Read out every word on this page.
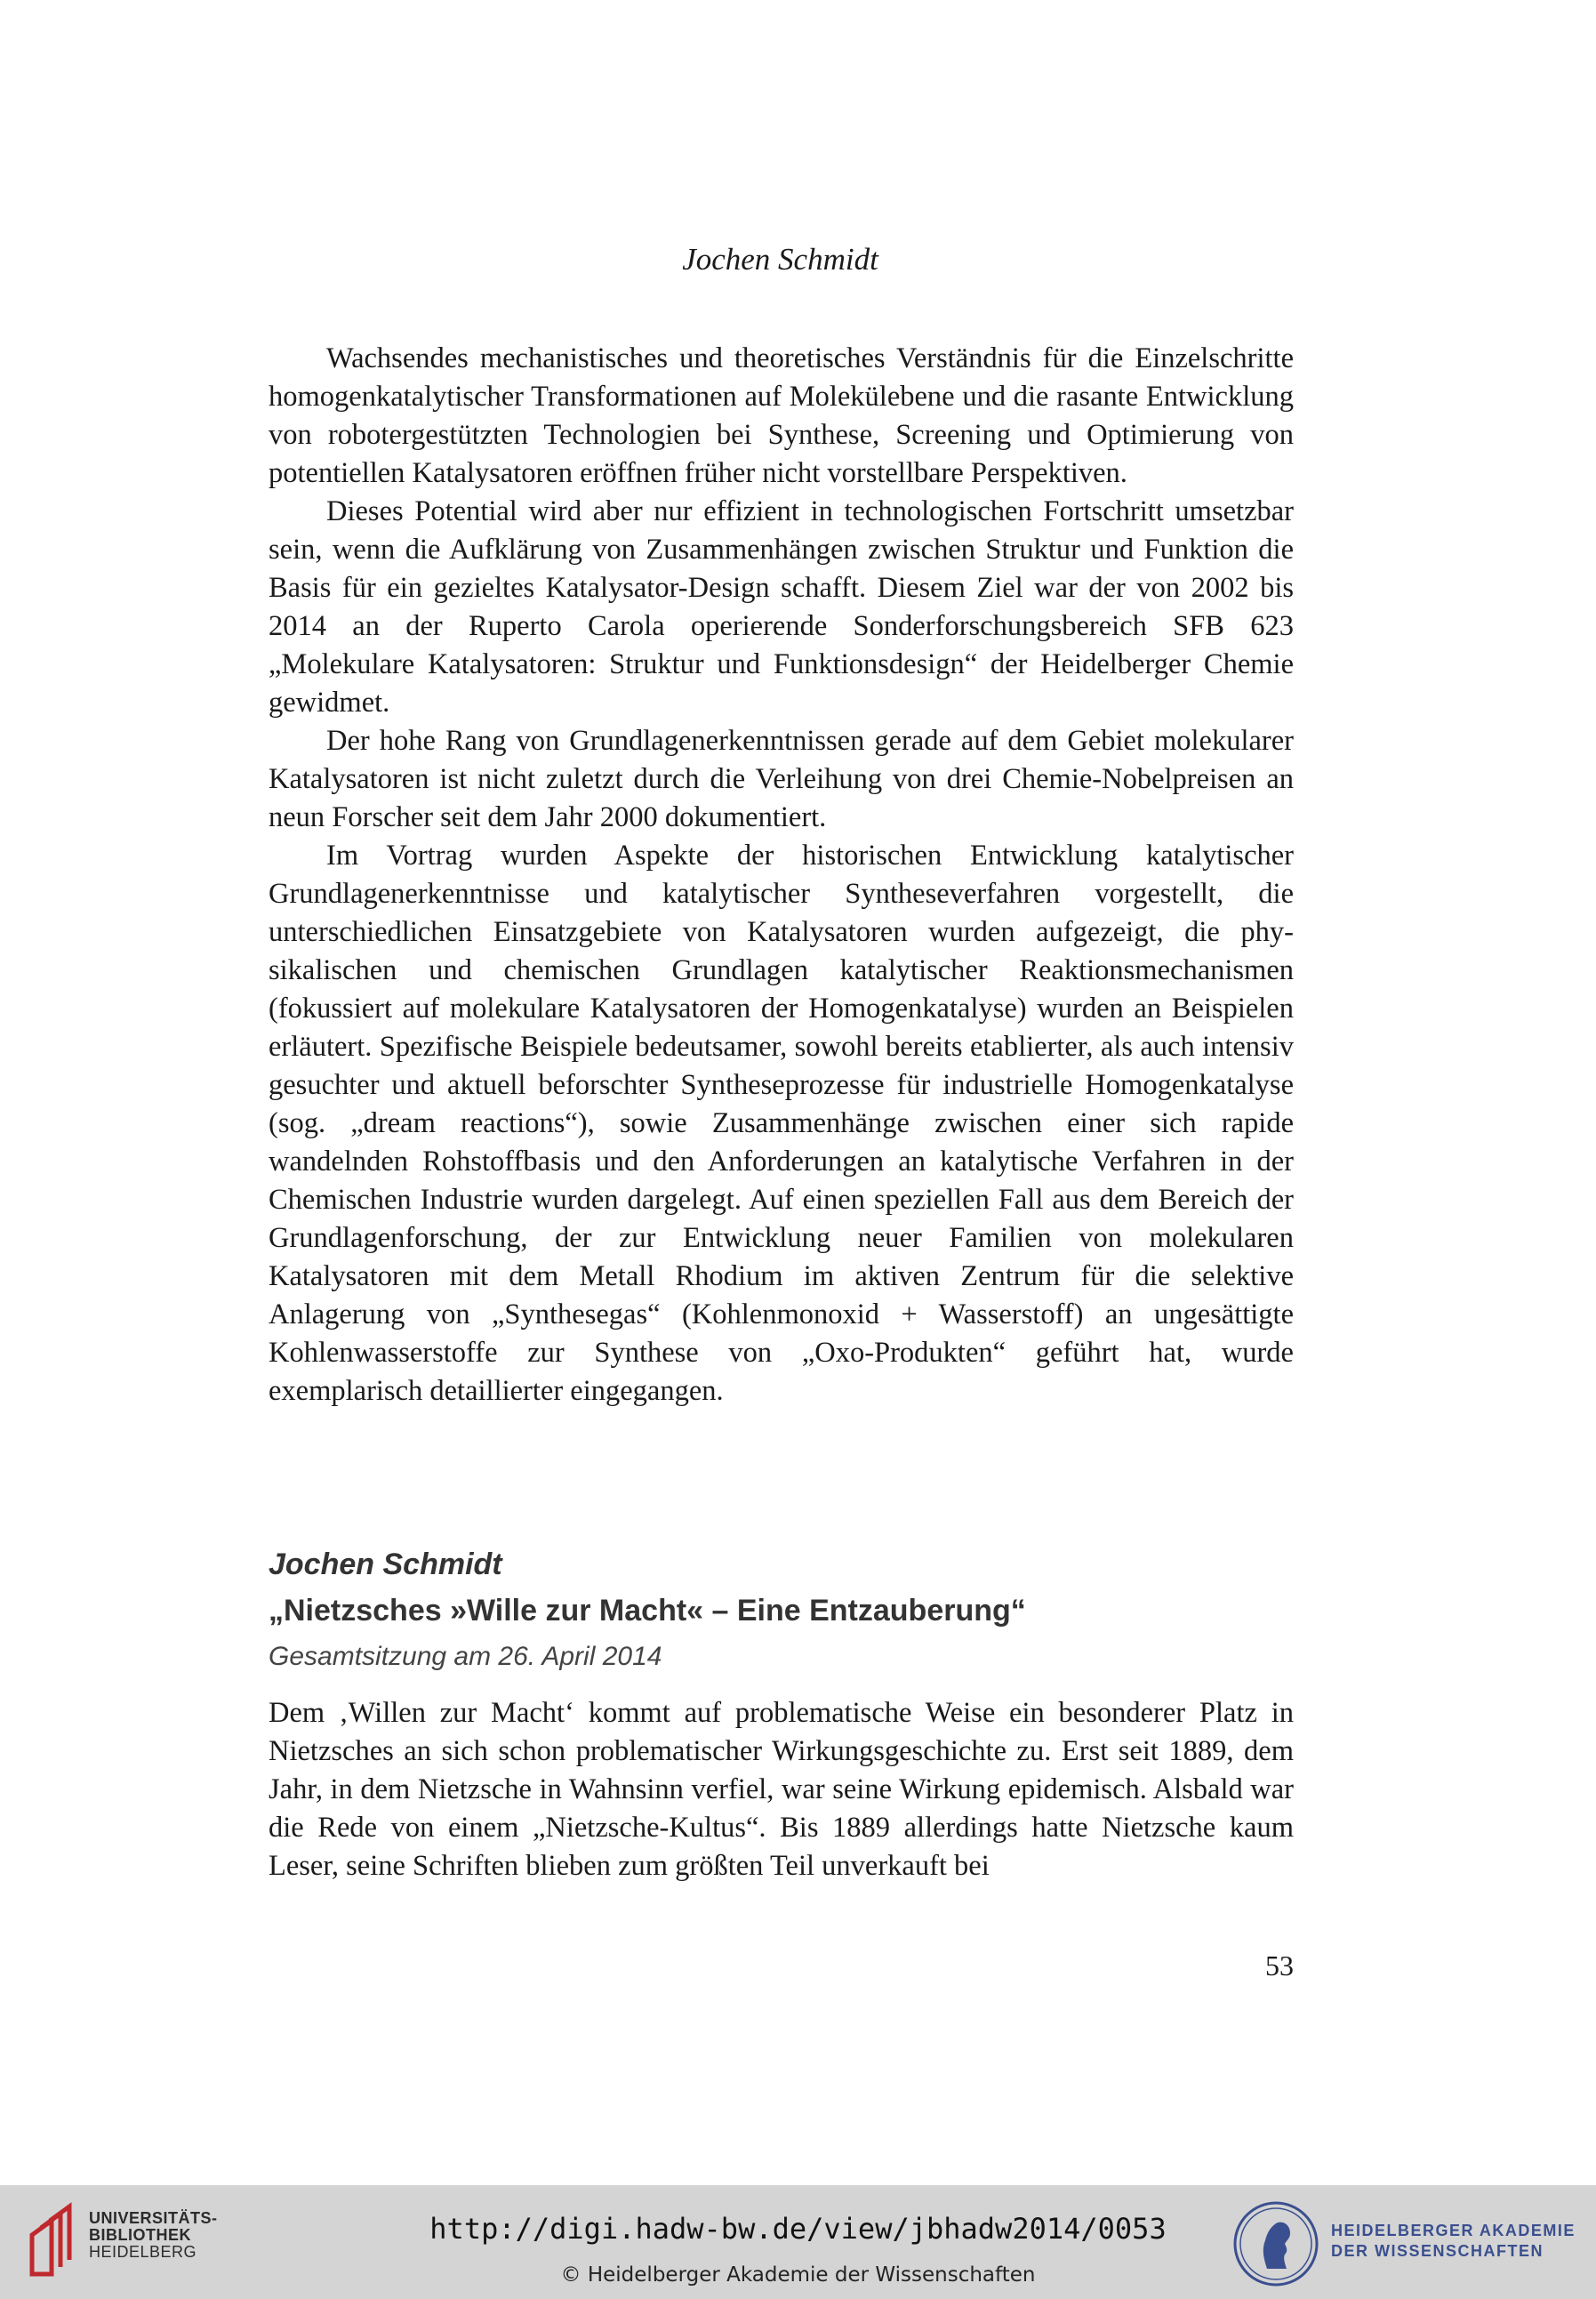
Jochen Schmidt

Wachsendes mechanistisches und theoretisches Verständnis für die Einzelschritte homogenkatalytischer Transformationen auf Molekülebene und die rasante Entwicklung von robotergestützten Technologien bei Synthese, Screening und Optimierung von potentiellen Katalysatoren eröffnen früher nicht vorstellbare Perspektiven.

Dieses Potential wird aber nur effizient in technologischen Fortschritt umsetzbar sein, wenn die Aufklärung von Zusammenhängen zwischen Struktur und Funktion die Basis für ein gezieltes Katalysator-Design schafft. Diesem Ziel war der von 2002 bis 2014 an der Ruperto Carola operierende Sonderforschungsbereich SFB 623 „Molekulare Katalysatoren: Struktur und Funktionsdesign“ der Heidelberger Chemie gewidmet.

Der hohe Rang von Grundlagenerkenntnissen gerade auf dem Gebiet molekularer Katalysatoren ist nicht zuletzt durch die Verleihung von drei Chemie-Nobelpreisen an neun Forscher seit dem Jahr 2000 dokumentiert.

Im Vortrag wurden Aspekte der historischen Entwicklung katalytischer Grundlagenerkenntnisse und katalytischer Syntheseverfahren vorgestellt, die unterschiedlichen Einsatzgebiete von Katalysatoren wurden aufgezeigt, die physikalischen und chemischen Grundlagen katalytischer Reaktionsmechanismen (fokussiert auf molekulare Katalysatoren der Homogenkatalyse) wurden an Beispielen erläutert. Spezifische Beispiele bedeutsamer, sowohl bereits etablierter, als auch intensiv gesuchter und aktuell beforschter Syntheseprozesse für industrielle Homogenkatalyse (sog. „dream reactions“), sowie Zusammenhänge zwischen einer sich rapide wandelnden Rohstoffbasis und den Anforderungen an katalytische Verfahren in der Chemischen Industrie wurden dargelegt. Auf einen speziellen Fall aus dem Bereich der Grundlagenforschung, der zur Entwicklung neuer Familien von molekularen Katalysatoren mit dem Metall Rhodium im aktiven Zentrum für die selektive Anlagerung von „Synthesegas“ (Kohlenmonoxid + Wasserstoff) an ungesättigte Kohlenwasserstoffe zur Synthese von „Oxo-Produkten“ geführt hat, wurde exemplarisch detaillierter eingegangen.

Jochen Schmidt
„Nietzsches »Wille zur Macht« – Eine Entzauberung“
Gesamtsitzung am 26. April 2014

Dem ‚Willen zur Macht‘ kommt auf problematische Weise ein besonderer Platz in Nietzsches an sich schon problematischer Wirkungsgeschichte zu. Erst seit 1889, dem Jahr, in dem Nietzsche in Wahnsinn verfiel, war seine Wirkung epidemisch. Alsbald war die Rede von einem „Nietzsche-Kultus“. Bis 1889 allerdings hatte Nietzsche kaum Leser, seine Schriften blieben zum größten Teil unverkauft bei

53
UNIVERSITÄTS-
BIBLIOTHEK
HEIDELBERG
http://digi.hadw-bw.de/view/jbhadw2014/0053
© Heidelberger Akademie der Wissenschaften
HEIDELBERGER AKADEMIE
DER WISSENSCHAFTEN
